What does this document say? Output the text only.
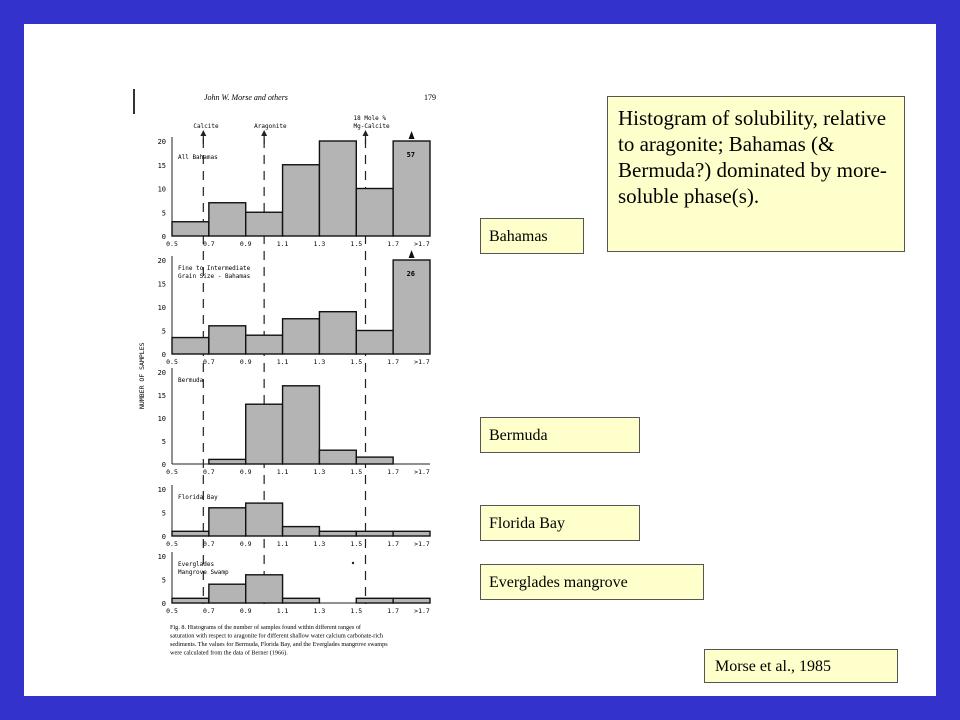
John W. Morse and others	179
Calcite	Aragonite
18 Mole %
Mg-Calcite
0
5
10
15
20
57
0.5	0.7	0.9	1.1	1.3	1.5	1.7 >1.7
All Bahamas
0
5
10
15
20
26
0.5	0.7	0.9	1.1	1.3	1.5	1.7 >1.7
Fine to Intermediate
Grain Size - Bahamas
0
5
10
15
20
0.5	0.7	0.9	1.1	1.3	1.5	1.7 >1.7
Bermuda
0
5
10
0.5	0.7	0.9	1.1	1.3	1.5	1.7 >1.7
Florida Bay
0
5
10
0.5	0.7	0.9	1.1	1.3	1.5	1.7 >1.7
Everglades
Mangrove Swamp
NUMBER OF SAMPLES
Fig. 8. Histograms of the number of samples found within different ranges of
saturation with respect to aragonite for different shallow water calcium carbonate-rich
sediments. The values for Bermuda, Florida Bay, and the Everglades mangrove swamps
were calculated from the data of Berner (1966).
Histogram of solubility, relative to aragonite; Bahamas (& Bermuda?) dominated by more-soluble phase(s).
Bahamas
Bermuda
Florida Bay
Everglades mangrove
Morse et al., 1985
